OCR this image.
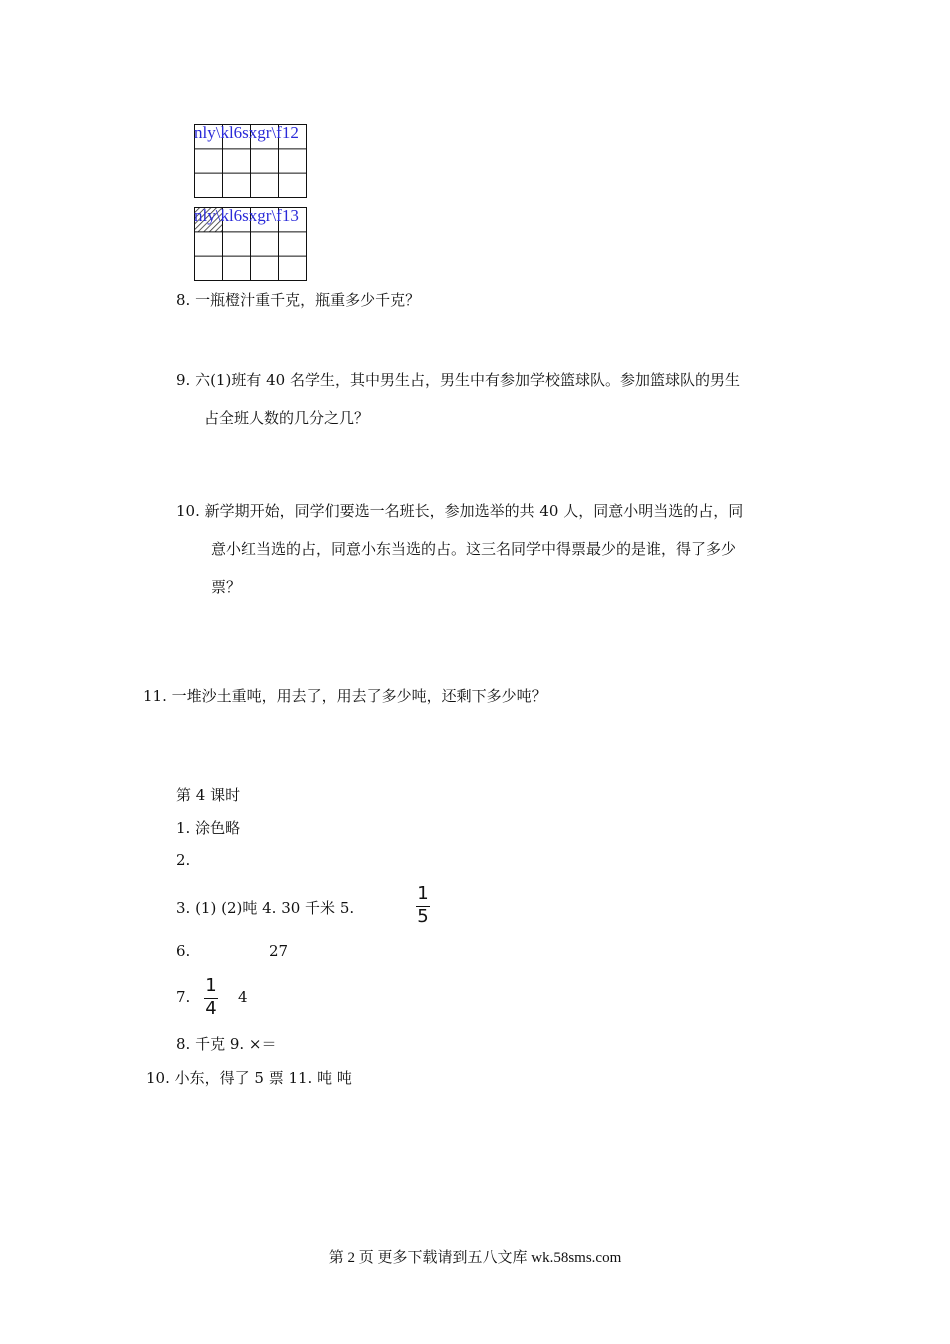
nly\kl6sxgr\f12
nly\kl6sxgr\f13
8. 一瓶橙汁重千克，瓶重多少千克？
9. 六(1)班有 40 名学生，其中男生占，男生中有参加学校篮球队。参加篮球队的男生
占全班人数的几分之几？
10. 新学期开始，同学们要选一名班长，参加选举的共 40 人，同意小明当选的占，同
意小红当选的占，同意小东当选的占。这三名同学中得票最少的是谁，得了多少
票？
11. 一堆沙土重吨，用去了，用去了多少吨，还剩下多少吨？
第 4 课时
1. 涂色略
2.
3. (1) (2)吨 4. 30 千米 5.
1
5
6.	27
7.
1
4
4
8. 千克 9. ×＝
10. 小东，得了 5 票 11. 吨 吨
第 2 页 更多下载请到五八文库 wk.58sms.com
